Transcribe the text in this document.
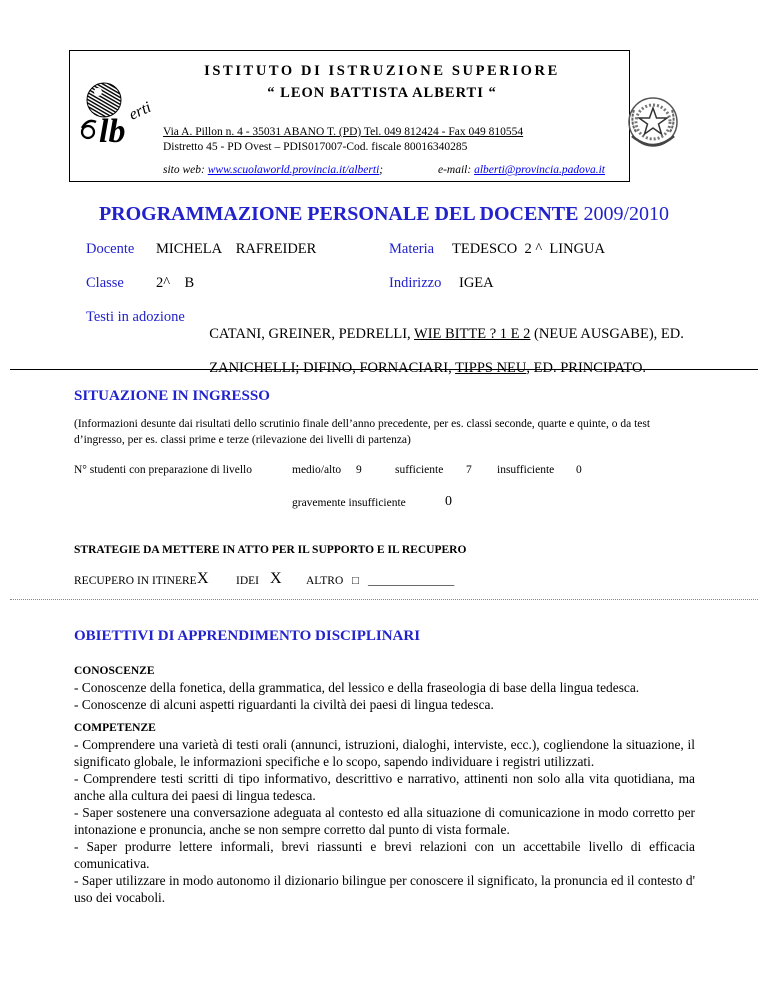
lb
erti
ISTITUTO DI ISTRUZIONE SUPERIORE
“ LEON BATTISTA ALBERTI “
Via A. Pillon n. 4 - 35031 ABANO T. (PD) Tel. 049 812424 - Fax 049 810554
Distretto 45 - PD Ovest – PDIS017007-Cod. fiscale 80016340285
sito web: www.scuolaworld.provincia.it/alberti;	e-mail: alberti@provincia.padova.it
PROGRAMMAZIONE PERSONALE DEL DOCENTE 2009/2010
Docente MICHELA    RAFREIDER	Materia TEDESCO  2 ^  LINGUA
Classe 2^    B	Indirizzo IGEA
Testi in adozione

CATANI, GREINER, PEDRELLI, WIE BITTE ? 1 E 2 (NEUE AUSGABE), ED.

ZANICHELLI; DIFINO, FORNACIARI, TIPPS NEU, ED. PRINCIPATO.

SITUAZIONE IN INGRESSO
(Informazioni desunte dai risultati dello scrutinio finale dell’anno precedente, per es. classi seconde, quarte e quinte, o da test
d’ingresso, per es. classi prime e terze (rilevazione dei livelli di partenza)
N° studenti con preparazione di livello	medio/alto 9	sufficiente 7 insufficiente 0
gravemente insufficiente	0
STRATEGIE DA METTERE IN ATTO PER IL SUPPORTO E IL RECUPERO
RECUPERO IN ITINERE X IDEI X ALTRO □ _______________
OBIETTIVI DI APPRENDIMENTO DISCIPLINARI
CONOSCENZE
- Conoscenze della fonetica, della grammatica, del lessico e della fraseologia di base della lingua tedesca.
- Conoscenze di alcuni aspetti riguardanti la civiltà dei paesi di lingua tedesca.
COMPETENZE
- Comprendere una varietà di testi orali (annunci, istruzioni, dialoghi, interviste, ecc.), cogliendone la situazione, il significato globale, le informazioni specifiche e lo scopo, sapendo individuare i registri utilizzati.
- Comprendere testi scritti di tipo informativo, descrittivo e narrativo, attinenti non solo alla vita quotidiana, ma anche alla cultura dei paesi di lingua tedesca.
- Saper sostenere una conversazione adeguata al contesto ed alla situazione di comunicazione in modo corretto per intonazione e pronuncia, anche se non sempre corretto dal punto di vista formale.
- Saper produrre lettere informali, brevi riassunti e brevi relazioni con un accettabile livello di efficacia comunicativa.
- Saper utilizzare in modo autonomo il dizionario bilingue per conoscere il significato, la pronuncia ed il contesto d' uso dei vocaboli.
